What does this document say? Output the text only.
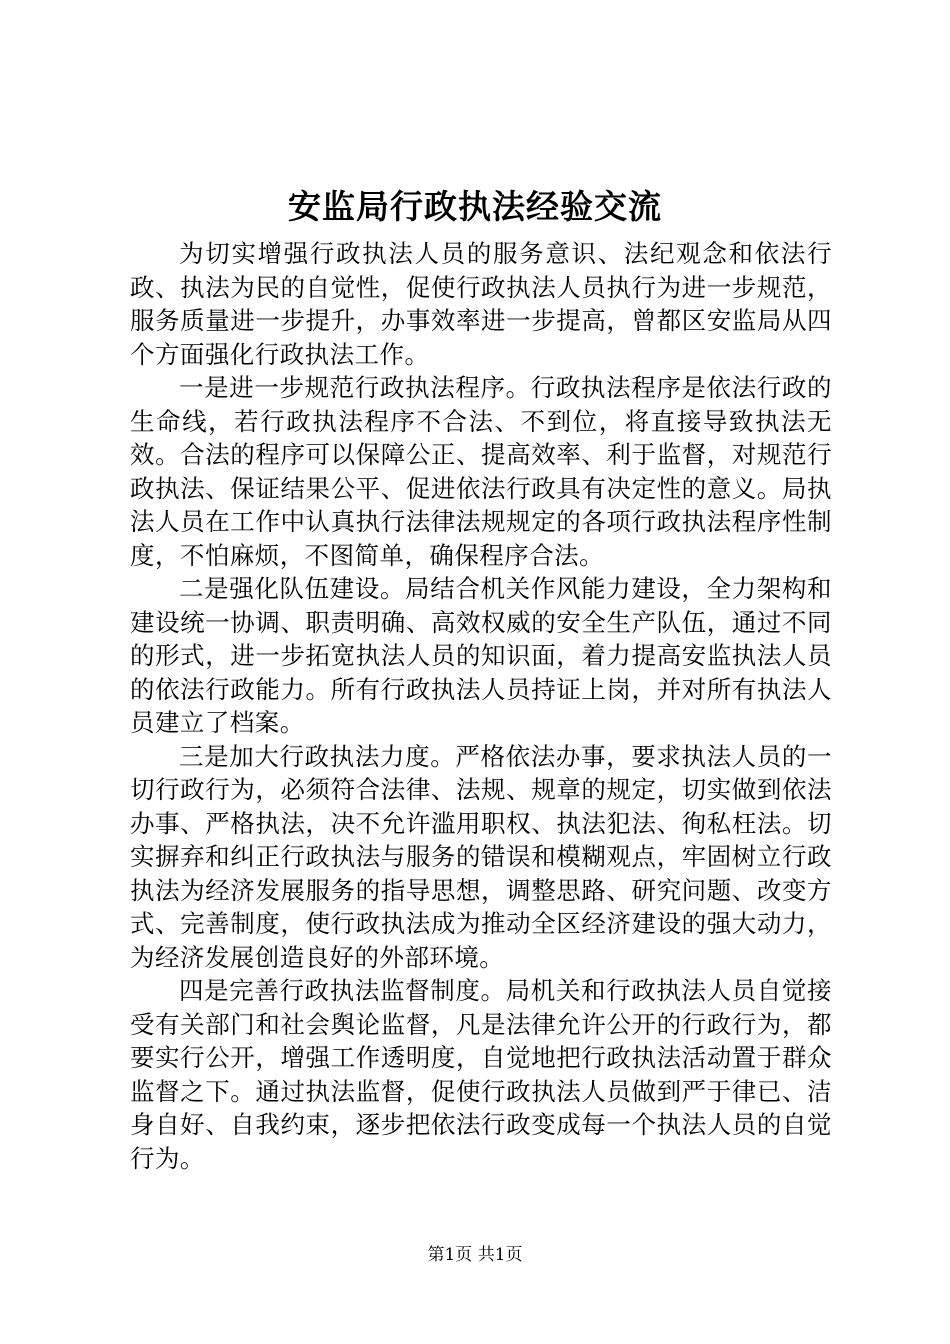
安监局行政执法经验交流

为切实增强行政执法人员的服务意识、法纪观念和依法行政、执法为民的自觉性，促使行政执法人员执行为进一步规范，服务质量进一步提升，办事效率进一步提高，曾都区安监局从四个方面强化行政执法工作。

一是进一步规范行政执法程序。行政执法程序是依法行政的生命线，若行政执法程序不合法、不到位，将直接导致执法无效。合法的程序可以保障公正、提高效率、利于监督，对规范行政执法、保证结果公平、促进依法行政具有决定性的意义。局执法人员在工作中认真执行法律法规规定的各项行政执法程序性制度，不怕麻烦，不图简单，确保程序合法。

二是强化队伍建设。局结合机关作风能力建设，全力架构和建设统一协调、职责明确、高效权威的安全生产队伍，通过不同的形式，进一步拓宽执法人员的知识面，着力提高安监执法人员的依法行政能力。所有行政执法人员持证上岗，并对所有执法人员建立了档案。

三是加大行政执法力度。严格依法办事，要求执法人员的一切行政行为，必须符合法律、法规、规章的规定，切实做到依法办事、严格执法，决不允许滥用职权、执法犯法、徇私枉法。切实摒弃和纠正行政执法与服务的错误和模糊观点，牢固树立行政执法为经济发展服务的指导思想，调整思路、研究问题、改变方式、完善制度，使行政执法成为推动全区经济建设的强大动力，为经济发展创造良好的外部环境。

四是完善行政执法监督制度。局机关和行政执法人员自觉接受有关部门和社会舆论监督，凡是法律允许公开的行政行为，都要实行公开，增强工作透明度，自觉地把行政执法活动置于群众监督之下。通过执法监督，促使行政执法人员做到严于律已、洁身自好、自我约束，逐步把依法行政变成每一个执法人员的自觉行为。

第1页 共1页
